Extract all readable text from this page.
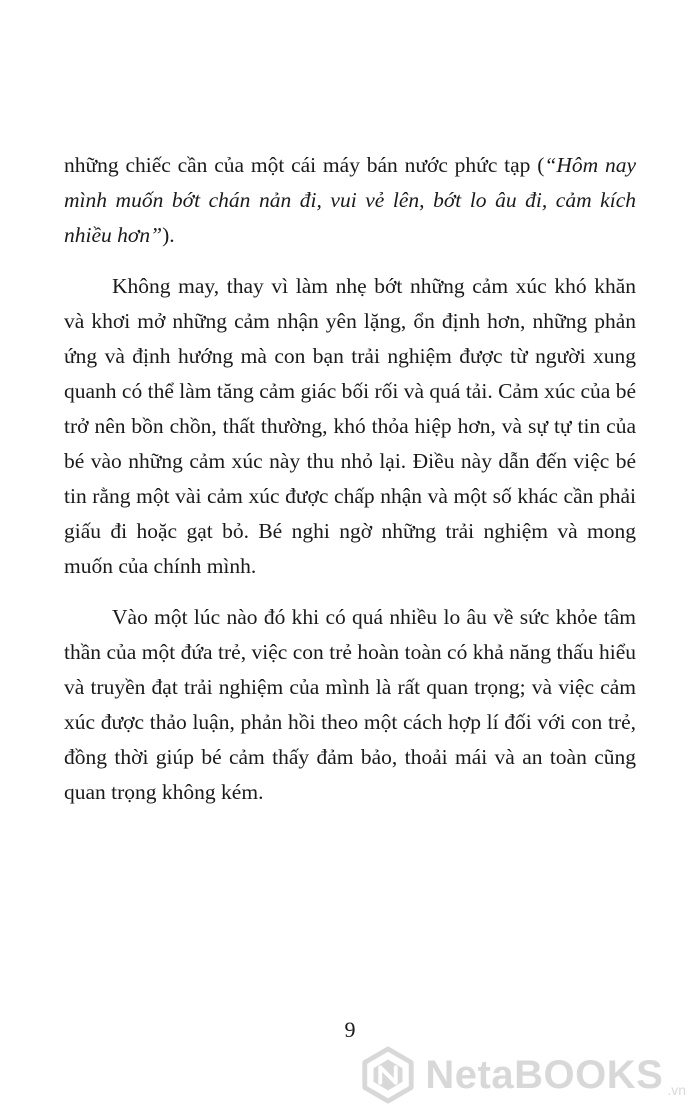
những chiếc cần của một cái máy bán nước phức tạp (“Hôm nay mình muốn bớt chán nản đi, vui vẻ lên, bớt lo âu đi, cảm kích nhiều hơn”).

Không may, thay vì làm nhẹ bớt những cảm xúc khó khăn và khơi mở những cảm nhận yên lặng, ổn định hơn, những phản ứng và định hướng mà con bạn trải nghiệm được từ người xung quanh có thể làm tăng cảm giác bối rối và quá tải. Cảm xúc của bé trở nên bồn chồn, thất thường, khó thỏa hiệp hơn, và sự tự tin của bé vào những cảm xúc này thu nhỏ lại. Điều này dẫn đến việc bé tin rằng một vài cảm xúc được chấp nhận và một số khác cần phải giấu đi hoặc gạt bỏ. Bé nghi ngờ những trải nghiệm và mong muốn của chính mình.

Vào một lúc nào đó khi có quá nhiều lo âu về sức khỏe tâm thần của một đứa trẻ, việc con trẻ hoàn toàn có khả năng thấu hiểu và truyền đạt trải nghiệm của mình là rất quan trọng; và việc cảm xúc được thảo luận, phản hồi theo một cách hợp lí đối với con trẻ, đồng thời giúp bé cảm thấy đảm bảo, thoải mái và an toàn cũng quan trọng không kém.

9
NetaBOOKS .vn
